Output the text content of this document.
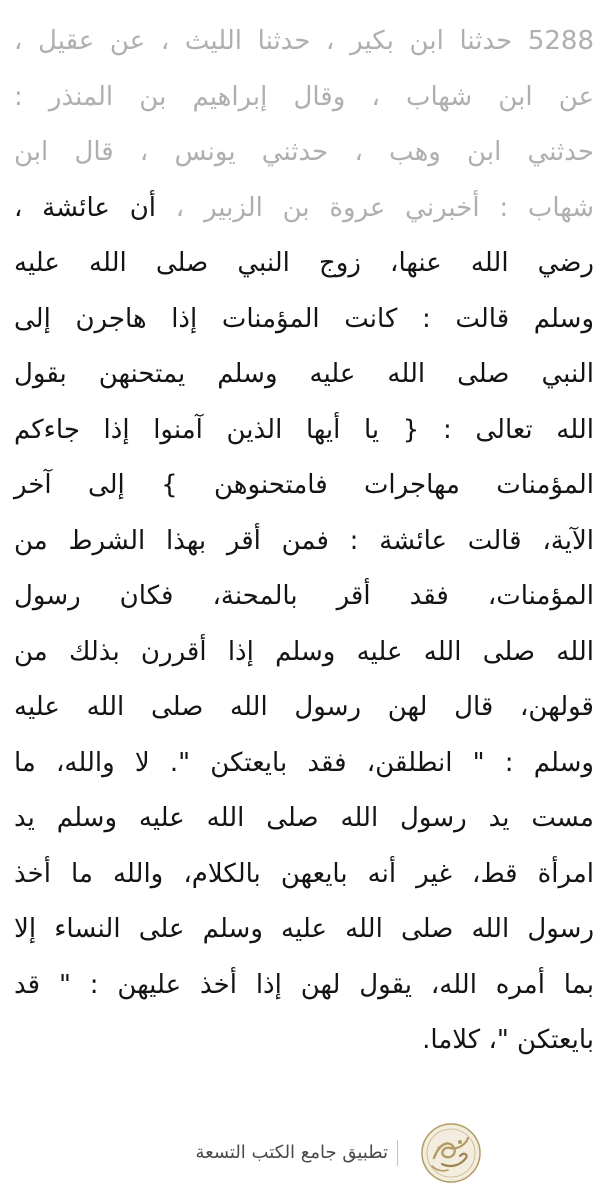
5288 حدثنا ابن بكير ، حدثنا الليث ، عن عقيل ،
عن ابن شهاب ، وقال إبراهيم بن المنذر :
حدثني ابن وهب ، حدثني يونس ، قال ابن
شهاب : أخبرني عروة بن الزبير ، أن عائشة ،
رضي الله عنها، زوج النبي صلى الله عليه
وسلم قالت : كانت المؤمنات إذا هاجرن إلى
النبي صلى الله عليه وسلم يمتحنهن بقول
الله تعالى : { يا أيها الذين آمنوا إذا جاءكم
المؤمنات مهاجرات فامتحنوهن } إلى آخر
الآية، قالت عائشة : فمن أقر بهذا الشرط من
المؤمنات، فقد أقر بالمحنة، فكان رسول
الله صلى الله عليه وسلم إذا أقررن بذلك من
قولهن، قال لهن رسول الله صلى الله عليه
وسلم : " انطلقن، فقد بايعتكن ". لا والله، ما
مست يد رسول الله صلى الله عليه وسلم يد
امرأة قط، غير أنه بايعهن بالكلام، والله ما أخذ
رسول الله صلى الله عليه وسلم على النساء إلا
بما أمره الله، يقول لهن إذا أخذ عليهن : " قد
بايعتكن "، كلاما.
تطبيق جامع الكتب التسعة
